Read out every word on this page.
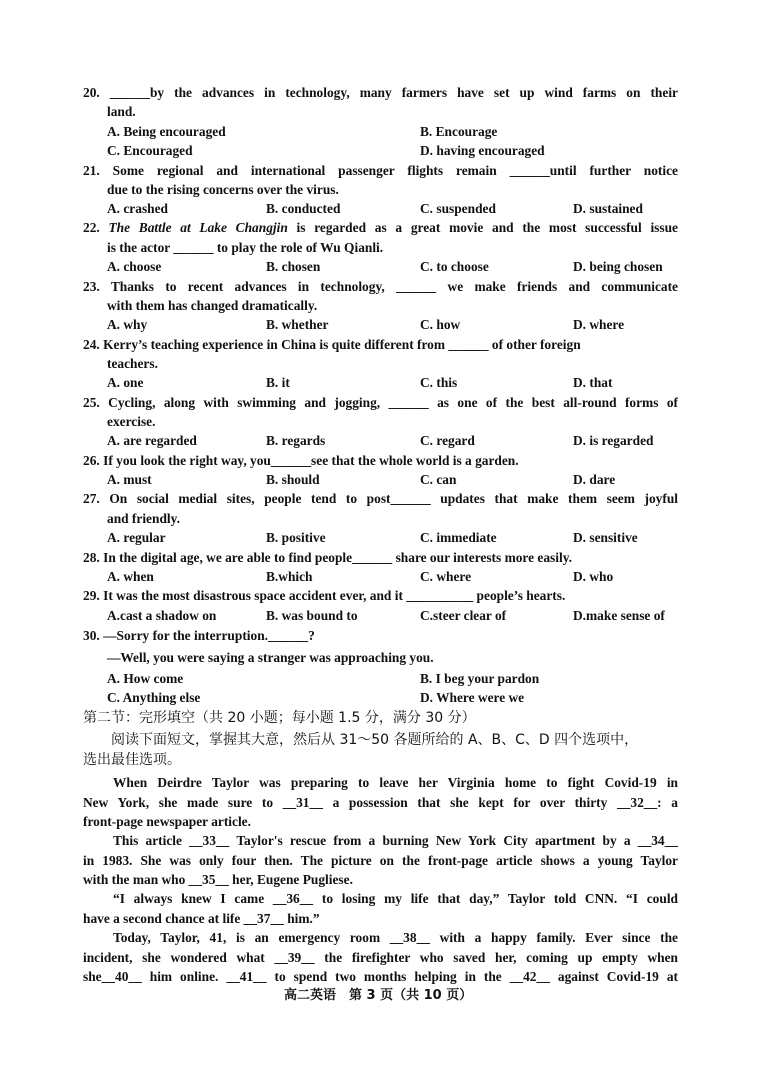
20. ______by the advances in technology, many farmers have set up wind farms on their
land.
A. Being encouraged	B. Encourage
C. Encouraged	D. having encouraged
21. Some regional and international passenger flights remain ______until further notice
due to the rising concerns over the virus.
A. crashed	B. conducted	C. suspended	D. sustained
22. The Battle at Lake Changjin is regarded as a great movie and the most successful issue
is the actor ______ to play the role of Wu Qianli.
A. choose	B. chosen	C. to choose	D. being chosen
23. Thanks to recent advances in technology, ______ we make friends and communicate
with them has changed dramatically.
A. why	B. whether	C. how	D. where
24. Kerry’s teaching experience in China is quite different from ______ of other foreign
teachers.
A. one	B. it	C. this	D. that
25. Cycling, along with swimming and jogging, ______ as one of the best all-round forms of
exercise.
A. are regarded	B. regards	C. regard	D. is regarded
26. If you look the right way, you______see that the whole world is a garden.
A. must	B. should	C. can	D. dare
27. On social medial sites, people tend to post______ updates that make them seem joyful
and friendly.
A. regular	B. positive	C. immediate	D. sensitive
28. In the digital age, we are able to find people______ share our interests more easily.
A. when	B.which	C. where	D. who
29. It was the most disastrous space accident ever, and it __________ people’s hearts.
A.cast a shadow on	B. was bound to	C.steer clear of	D.make sense of
30. —Sorry for the interruption.______?
—Well, you were saying a stranger was approaching you.
A. How come	B. I beg your pardon
C. Anything else	D. Where were we
第二节：完形填空（共 20 小题；每小题 1.5 分，满分 30 分）
阅读下面短文，掌握其大意，然后从 31～50 各题所给的 A、B、C、D 四个选项中，
选出最佳选项。
When Deirdre Taylor was preparing to leave her Virginia home to fight Covid-19 in
New York, she made sure to __31__ a possession that she kept for over thirty __32__: a
front-page newspaper article.
This article __33__ Taylor's rescue from a burning New York City apartment by a __34__
in 1983. She was only four then. The picture on the front-page article shows a young Taylor
with the man who __35__ her, Eugene Pugliese.
“I always knew I came __36__ to losing my life that day,” Taylor told CNN. “I could
have a second chance at life __37__ him.”
Today, Taylor, 41, is an emergency room __38__ with a happy family. Ever since the
incident, she wondered what __39__ the firefighter who saved her, coming up empty when
she__40__ him online. __41__ to spend two months helping in the __42__ against Covid-19 at
高二英语　第 3 页（共 10 页）
